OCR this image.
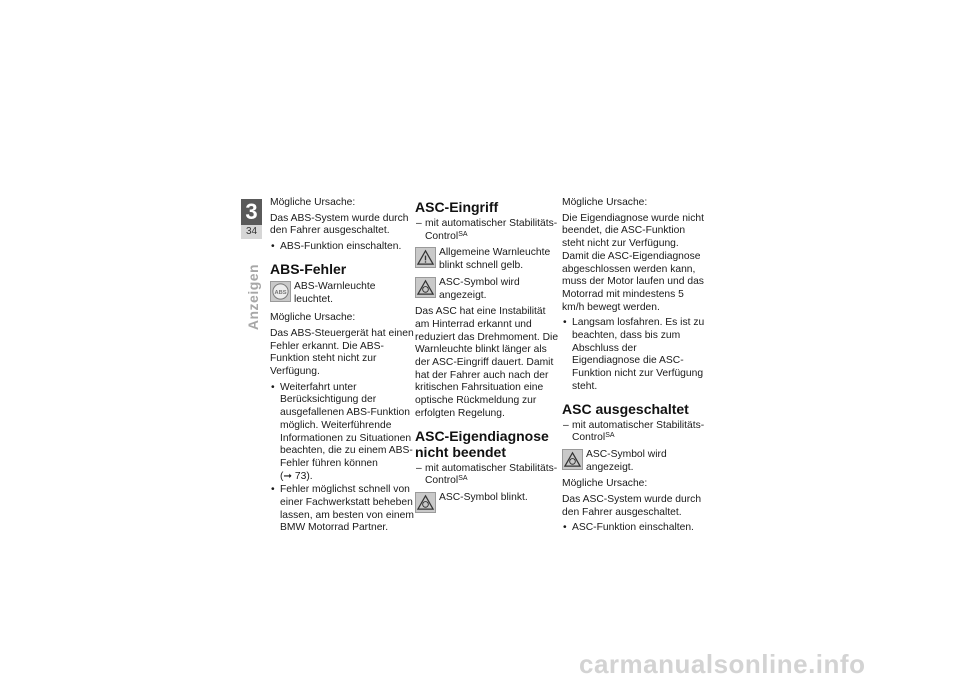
3
34
Anzeigen

Mögliche Ursache:

Das ABS-System wurde durch den Fahrer ausgeschaltet.

• ABS-Funktion einschalten.
ABS-Fehler
ABS
ABS-Warnleuchte leuchtet.

Mögliche Ursache:

Das ABS-Steuergerät hat einen Fehler erkannt. Die ABS-Funktion steht nicht zur Verfügung.

• Weiterfahrt unter Berücksichtigung der ausgefallenen ABS-Funktion möglich. Weiterführende Informationen zu Situationen beachten, die zu einem ABS-Fehler führen können
(➞ 73).
• Fehler möglichst schnell von einer Fachwerkstatt beheben lassen, am besten von einem BMW Motorrad Partner.
ASC-Eingriff
– mit automatischer Stabilitäts-Control$^{SA}$
Allgemeine Warnleuchte blinkt schnell gelb.
ASC-Symbol wird angezeigt.

Das ASC hat eine Instabilität am Hinterrad erkannt und reduziert das Drehmoment. Die Warnleuchte blinkt länger als der ASC-Eingriff dauert. Damit hat der Fahrer auch nach der kritischen Fahrsituation eine optische Rückmeldung zur erfolgten Regelung.

ASC-Eigendiagnose nicht beendet
– mit automatischer Stabilitäts-Control$^{SA}$
ASC-Symbol blinkt.

Mögliche Ursache:

Die Eigendiagnose wurde nicht beendet, die ASC-Funktion steht nicht zur Verfügung. Damit die ASC-Eigendiagnose abgeschlossen werden kann, muss der Motor laufen und das Motorrad mit mindestens 5 km/h bewegt werden.

• Langsam losfahren. Es ist zu beachten, dass bis zum Abschluss der Eigendiagnose die ASC-Funktion nicht zur Verfügung steht.
ASC ausgeschaltet
– mit automatischer Stabilitäts-Control$^{SA}$
ASC-Symbol wird angezeigt.

Mögliche Ursache:

Das ASC-System wurde durch den Fahrer ausgeschaltet.

• ASC-Funktion einschalten.
carmanualsonline.info
